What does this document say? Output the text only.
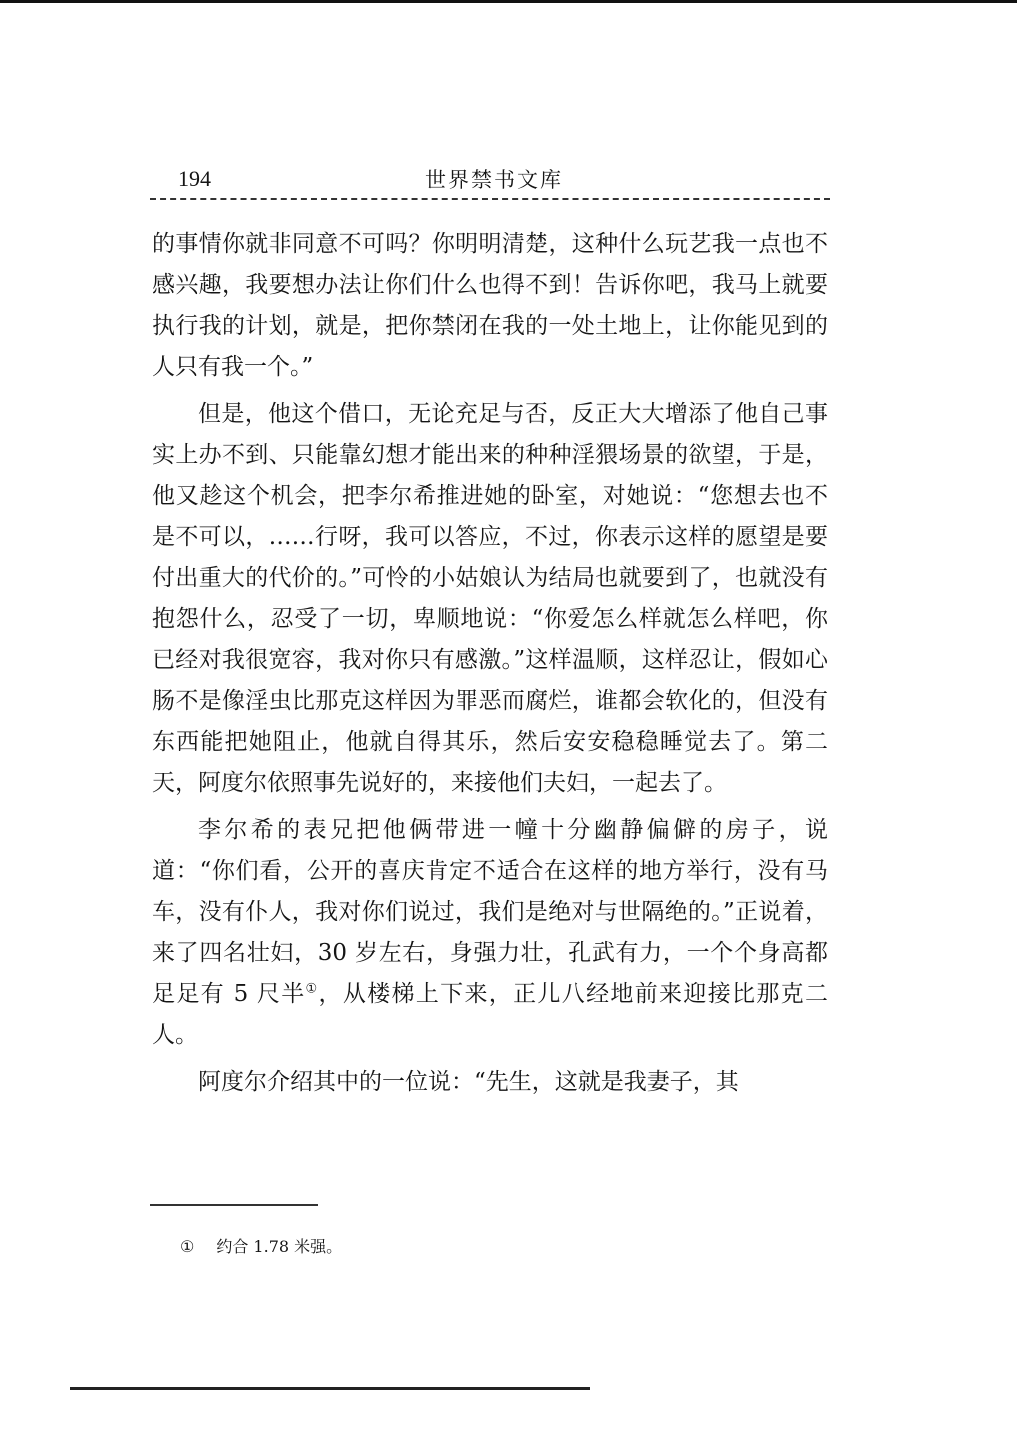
194	世界禁书文库

的事情你就非同意不可吗？你明明清楚，这种什么玩艺我一点也不感兴趣，我要想办法让你们什么也得不到！告诉你吧，我马上就要执行我的计划，就是，把你禁闭在我的一处土地上，让你能见到的人只有我一个。”

但是，他这个借口，无论充足与否，反正大大增添了他自己事实上办不到、只能靠幻想才能出来的种种淫猥场景的欲望，于是，他又趁这个机会，把李尔希推进她的卧室，对她说：“您想去也不是不可以，……行呀，我可以答应，不过，你表示这样的愿望是要付出重大的代价的。”可怜的小姑娘认为结局也就要到了，也就没有抱怨什么，忍受了一切，卑顺地说：“你爱怎么样就怎么样吧，你已经对我很宽容，我对你只有感激。”这样温顺，这样忍让，假如心肠不是像淫虫比那克这样因为罪恶而腐烂，谁都会软化的，但没有东西能把她阻止，他就自得其乐，然后安安稳稳睡觉去了。第二天，阿度尔依照事先说好的，来接他们夫妇，一起去了。

李尔希的表兄把他俩带进一幢十分幽静偏僻的房子，说道：“你们看，公开的喜庆肯定不适合在这样的地方举行，没有马车，没有仆人，我对你们说过，我们是绝对与世隔绝的。”正说着，来了四名壮妇，30 岁左右，身强力壮，孔武有力，一个个身高都足足有 5 尺半①，从楼梯上下来，正儿八经地前来迎接比那克二人。

阿度尔介绍其中的一位说：“先生，这就是我妻子，其

① 约合 1.78 米强。
